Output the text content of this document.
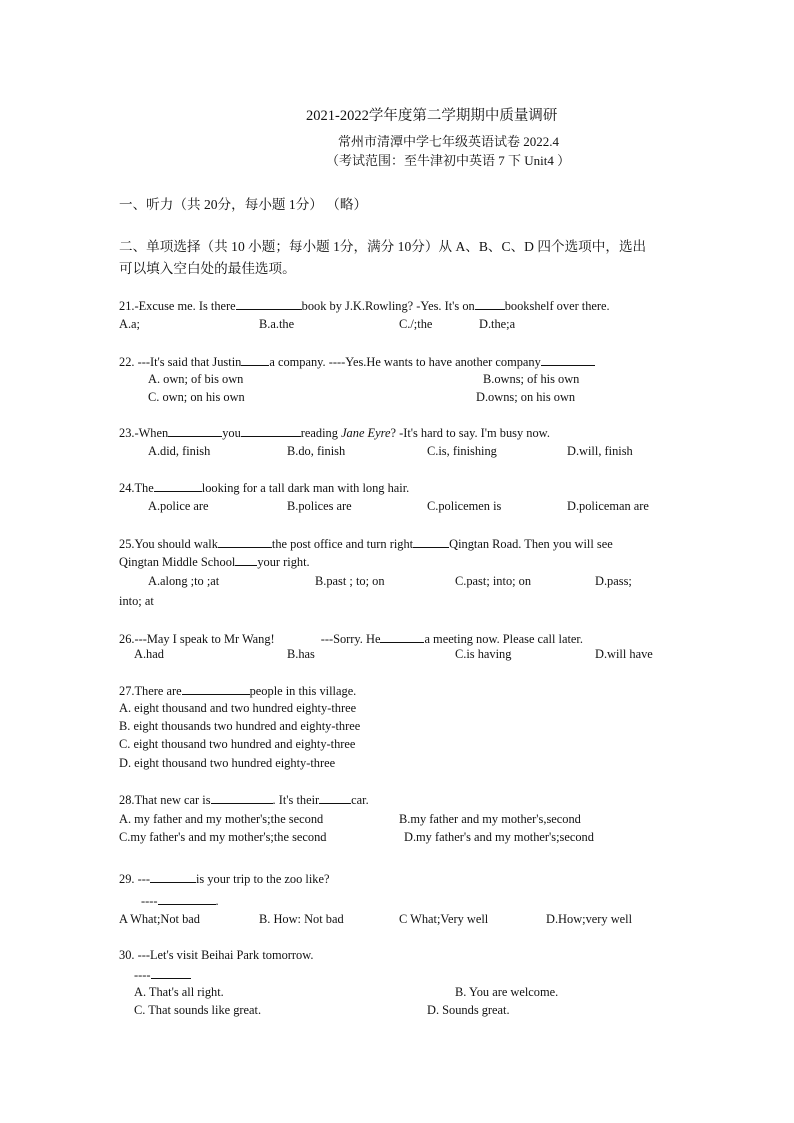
2021-2022学年度第二学期期中质量调研
常州市清潭中学七年级英语试卷 2022.4
（考试范围：至牛津初中英语 7 下 Unit4 ）
一、听力（共 20分，每小题 1分） （略）
二、单项选择（共 10 小题；每小题 1分，满分 10分）从 A、B、C、D 四个选项中，选出
可以填入空白处的最佳选项。
21.-Excuse me. Is there	book by J.K.Rowling? -Yes. It's on bookshelf over there.
A.a;	B.a.the	C./;the	D.the;a
22. ---It's said that Justin a company. ----Yes.He wants to have another company
A. own; of bis own	B.owns; of his own
C. own; on his own	D.owns; on his own
23.-When	you	reading Jane Eyre? -It's hard to say. I'm busy now.
A.did, finish	B.do, finish	C.is, finishing	D.will, finish
24.The	looking for a tall dark man with long hair.
A.police are	B.polices are	C.policemen is	D.policeman are
25.You should walk	the post office and turn right	Qingtan Road. Then you will see
Qingtan Middle School your right.
A.along ;to ;at	B.past ; to; on	C.past; into; on	D.pass;
into; at
26.---May I speak to Mr Wang!	---Sorry. He	a meeting now. Please call later.
A.had	B.has	C.is having	D.will have
27.There are	people in this village.
A. eight thousand and two hundred eighty-three
B. eight thousands two hundred and eighty-three
C. eight thousand two hundred and eighty-three
D. eight thousand two hundred eighty-three
28.That new car is	. It's their	car.
A. my father and my mother's;the second	B.my father and my mother's,second
C.my father's and my mother's;the second	D.my father's and my mother's;second
29. ---	is your trip to the zoo like?
----	.
A What;Not bad	B. How: Not bad	C What;Very well	D.How;very well
30. ---Let's visit Beihai Park tomorrow.
----
A. That's all right.	B. You are welcome.
C. That sounds like great.	D. Sounds great.
